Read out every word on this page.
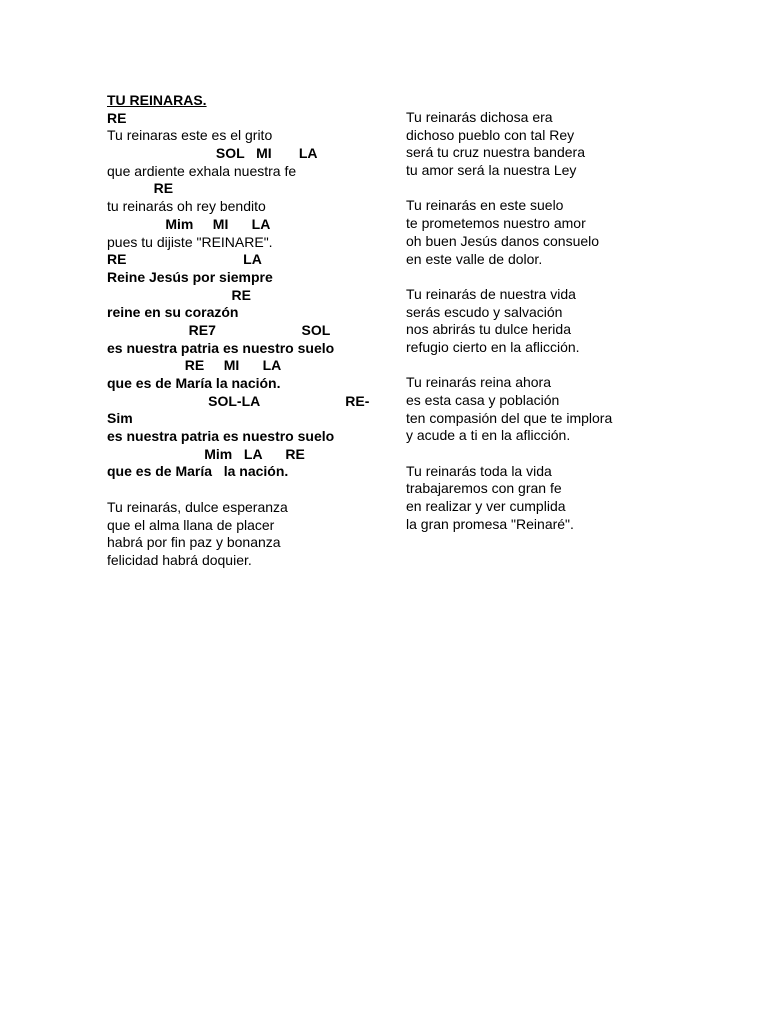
TU REINARAS.
RE
Tu reinaras este es el grito
SOL   MI       LA
que ardiente exhala nuestra fe
RE
tu reinarás oh rey bendito
Mim     MI      LA
pues tu dijiste "REINARE".
RE                              LA
Reine Jesús por siempre
RE
reine en su corazón
RE7                      SOL
es nuestra patria es nuestro suelo
RE     MI      LA
que es de María la nación.
SOL-LA                      RE-
Sim
es nuestra patria es nuestro suelo
Mim   LA      RE
que es de María   la nación.
Tu reinarás, dulce esperanza
que el alma llana de placer
habrá por fin paz y bonanza
felicidad habrá doquier.
Tu reinarás dichosa era
dichoso pueblo con tal Rey
será tu cruz nuestra bandera
tu amor será la nuestra Ley
Tu reinarás en este suelo
te prometemos nuestro amor
oh buen Jesús danos consuelo
en este valle de dolor.
Tu reinarás de nuestra vida
serás escudo y salvación
nos abrirás tu dulce herida
refugio cierto en la aflicción.
Tu reinarás reina ahora
es esta casa y población
ten compasión del que te implora
y acude a ti en la aflicción.
Tu reinarás toda la vida
trabajaremos con gran fe
en realizar y ver cumplida
la gran promesa "Reinaré".
